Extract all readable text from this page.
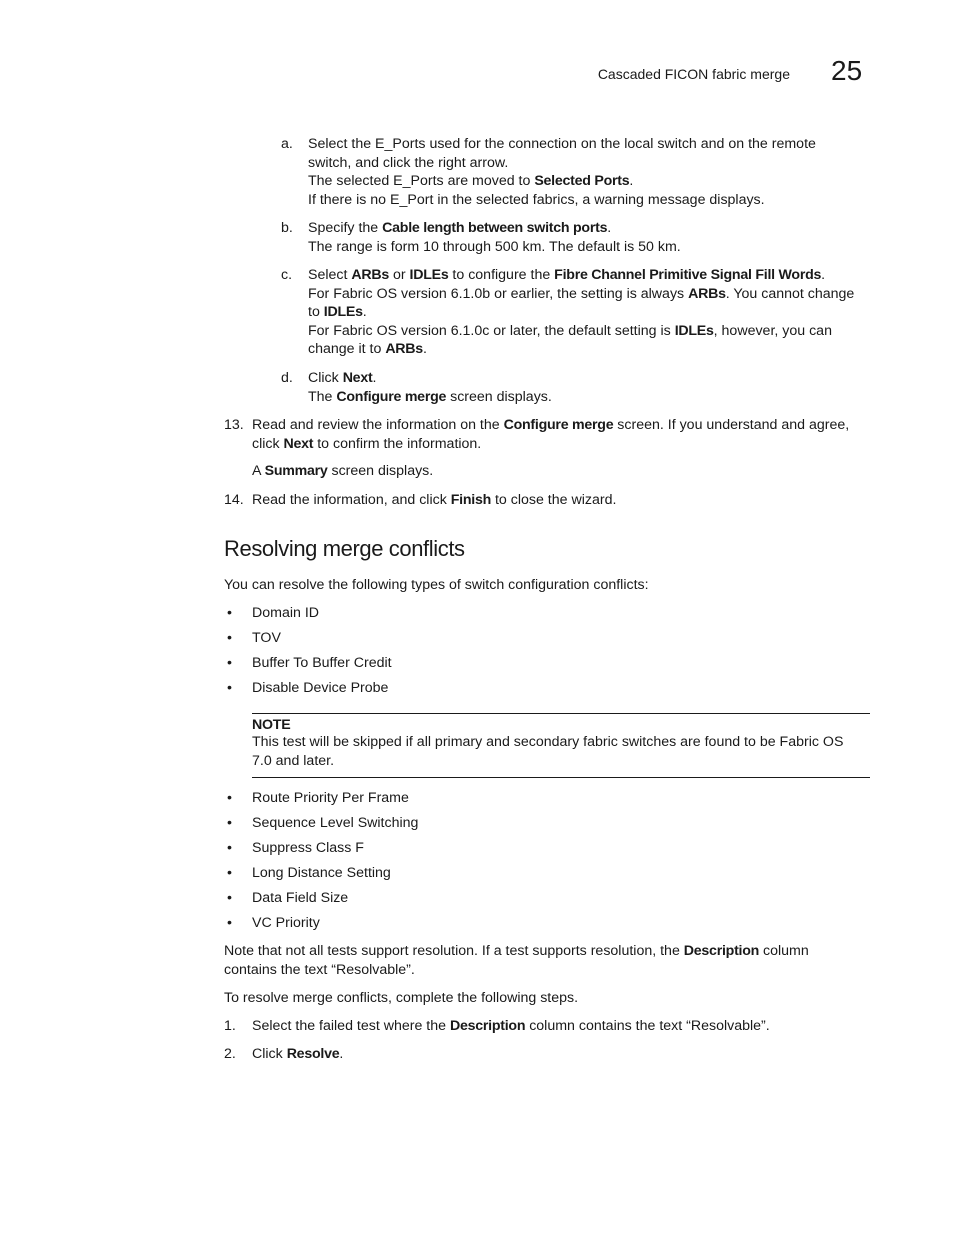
Cascaded FICON fabric merge 25
a. Select the E_Ports used for the connection on the local switch and on the remote
switch, and click the right arrow.
The selected E_Ports are moved to Selected Ports.
If there is no E_Port in the selected fabrics, a warning message displays.
b. Specify the Cable length between switch ports.
The range is form 10 through 500 km. The default is 50 km.
c. Select ARBs or IDLEs to configure the Fibre Channel Primitive Signal Fill Words.
For Fabric OS version 6.1.0b or earlier, the setting is always ARBs. You cannot change
to IDLEs.
For Fabric OS version 6.1.0c or later, the default setting is IDLEs, however, you can
change it to ARBs.
d. Click Next.
The Configure merge screen displays.
13. Read and review the information on the Configure merge screen. If you understand and agree,
click Next to confirm the information.
A Summary screen displays.
14. Read the information, and click Finish to close the wizard.
Resolving merge conflicts
You can resolve the following types of switch configuration conflicts:
• Domain ID
• TOV
• Buffer To Buffer Credit
• Disable Device Probe
NOTE
This test will be skipped if all primary and secondary fabric switches are found to be Fabric OS
7.0 and later.
• Route Priority Per Frame
• Sequence Level Switching
• Suppress Class F
• Long Distance Setting
• Data Field Size
• VC Priority
Note that not all tests support resolution. If a test supports resolution, the Description column
contains the text “Resolvable”.
To resolve merge conflicts, complete the following steps.
1. Select the failed test where the Description column contains the text “Resolvable”.
2. Click Resolve.
